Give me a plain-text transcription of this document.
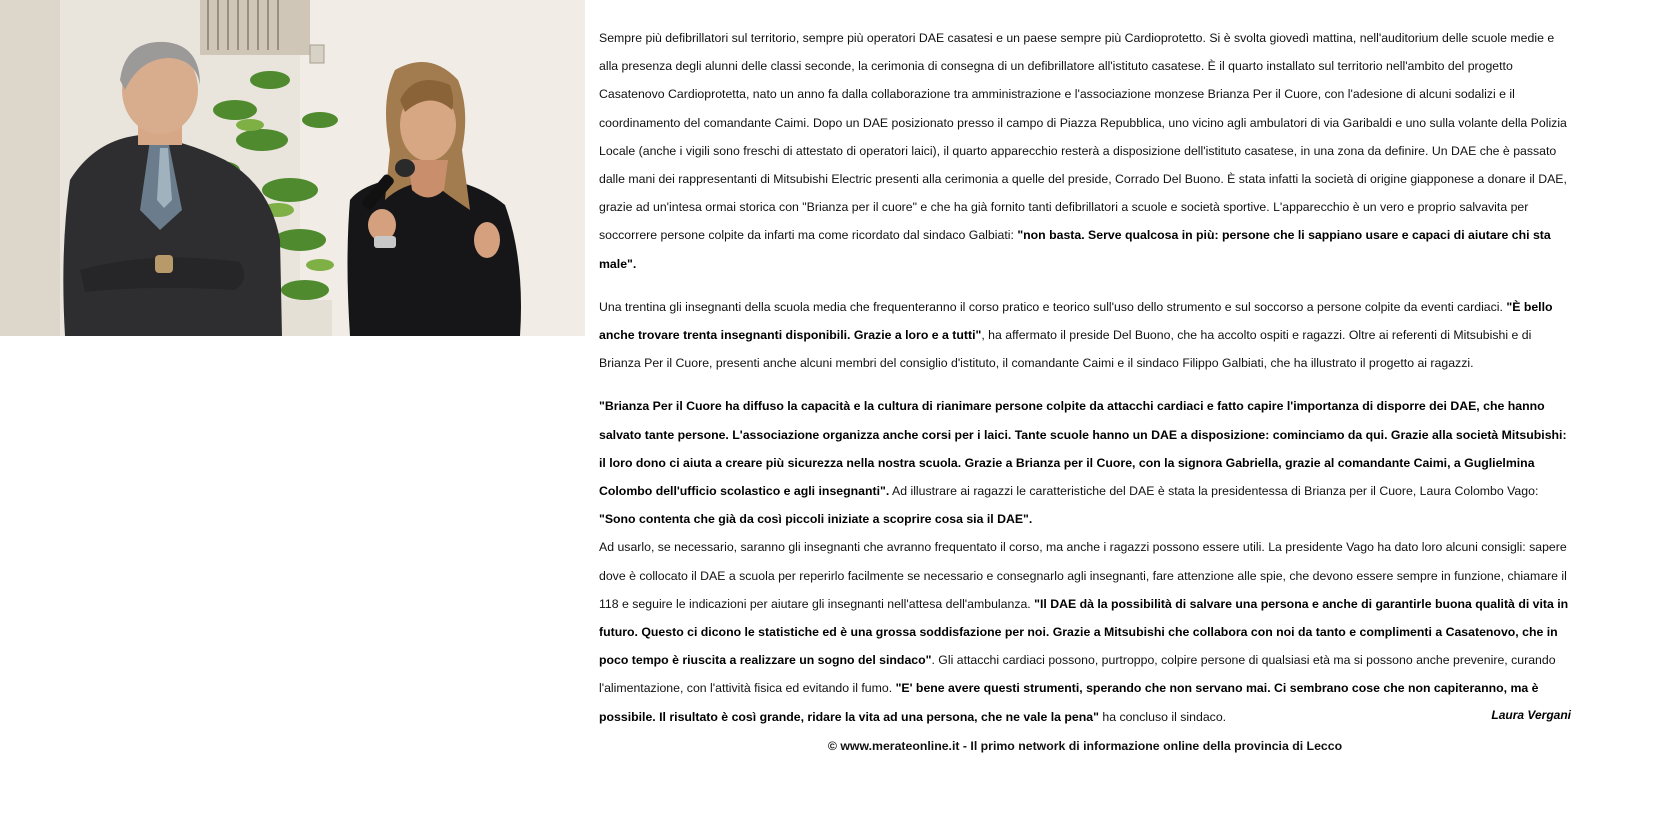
Sempre più defibrillatori sul territorio, sempre più operatori DAE casatesi e un paese sempre più Cardioprotetto. Si è svolta giovedì mattina, nell'auditorium delle scuole medie e alla presenza degli alunni delle classi seconde, la cerimonia di consegna di un defibrillatore all'istituto casatese. È il quarto installato sul territorio nell'ambito del progetto Casatenovo Cardioprotetta, nato un anno fa dalla collaborazione tra amministrazione e l'associazione monzese Brianza Per il Cuore, con l'adesione di alcuni sodalizi e il coordinamento del comandante Caimi. Dopo un DAE posizionato presso il campo di Piazza Repubblica, uno vicino agli ambulatori di via Garibaldi e uno sulla volante della Polizia Locale (anche i vigili sono freschi di attestato di operatori laici), il quarto apparecchio resterà a disposizione dell'istituto casatese, in una zona da definire. Un DAE che è passato dalle mani dei rappresentanti di Mitsubishi Electric presenti alla cerimonia a quelle del preside, Corrado Del Buono. È stata infatti la società di origine giapponese a donare il DAE, grazie ad un'intesa ormai storica con "Brianza per il cuore" e che ha già fornito tanti defibrillatori a scuole e società sportive. L'apparecchio è un vero e proprio salvavita per soccorrere persone colpite da infarti ma come ricordato dal sindaco Galbiati: "non basta. Serve qualcosa in più: persone che li sappiano usare e capaci di aiutare chi sta male".

Una trentina gli insegnanti della scuola media che frequenteranno il corso pratico e teorico sull'uso dello strumento e sul soccorso a persone colpite da eventi cardiaci. "È bello anche trovare trenta insegnanti disponibili. Grazie a loro e a tutti", ha affermato il preside Del Buono, che ha accolto ospiti e ragazzi. Oltre ai referenti di Mitsubishi e di Brianza Per il Cuore, presenti anche alcuni membri del consiglio d'istituto, il comandante Caimi e il sindaco Filippo Galbiati, che ha illustrato il progetto ai ragazzi.

"Brianza Per il Cuore ha diffuso la capacità e la cultura di rianimare persone colpite da attacchi cardiaci e fatto capire l'importanza di disporre dei DAE, che hanno salvato tante persone. L'associazione organizza anche corsi per i laici. Tante scuole hanno un DAE a disposizione: cominciamo da qui. Grazie alla società Mitsubishi: il loro dono ci aiuta a creare più sicurezza nella nostra scuola. Grazie a Brianza per il Cuore, con la signora Gabriella, grazie al comandante Caimi, a Guglielmina Colombo dell'ufficio scolastico e agli insegnanti". Ad illustrare ai ragazzi le caratteristiche del DAE è stata la presidentessa di Brianza per il Cuore, Laura Colombo Vago: "Sono contenta che già da così piccoli iniziate a scoprire cosa sia il DAE".

Ad usarlo, se necessario, saranno gli insegnanti che avranno frequentato il corso, ma anche i ragazzi possono essere utili. La presidente Vago ha dato loro alcuni consigli: sapere dove è collocato il DAE a scuola per reperirlo facilmente se necessario e consegnarlo agli insegnanti, fare attenzione alle spie, che devono essere sempre in funzione, chiamare il 118 e seguire le indicazioni per aiutare gli insegnanti nell'attesa dell'ambulanza. "Il DAE dà la possibilità di salvare una persona e anche di garantirle buona qualità di vita in futuro. Questo ci dicono le statistiche ed è una grossa soddisfazione per noi. Grazie a Mitsubishi che collabora con noi da tanto e complimenti a Casatenovo, che in poco tempo è riuscita a realizzare un sogno del sindaco". Gli attacchi cardiaci possono, purtroppo, colpire persone di qualsiasi età ma si possono anche prevenire, curando l'alimentazione, con l'attività fisica ed evitando il fumo. "E' bene avere questi strumenti, sperando che non servano mai. Ci sembrano cose che non capiteranno, ma è possibile. Il risultato è così grande, ridare la vita ad una persona, che ne vale la pena" ha concluso il sindaco.	Laura Vergani
© www.merateonline.it - Il primo network di informazione online della provincia di Lecco
